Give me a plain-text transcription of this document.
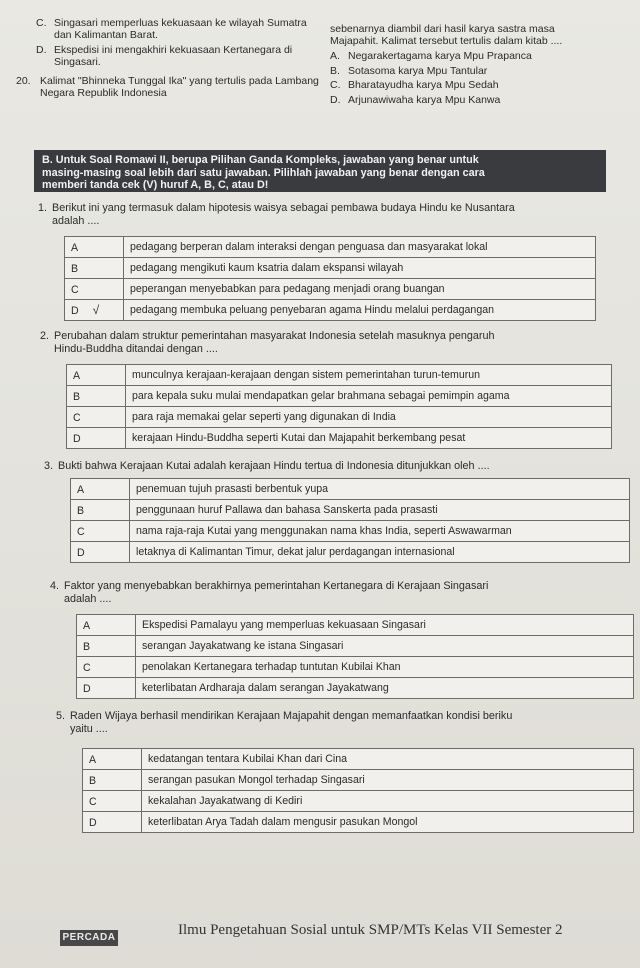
C. Singasari memperluas kekuasaan ke wilayah Sumatra dan Kalimantan Barat.
D. Ekspedisi ini mengakhiri kekuasaan Kertanegara di Singasari.
20. Kalimat "Bhinneka Tunggal Ika" yang tertulis pada Lambang Negara Republik Indonesia
sebenarnya diambil dari hasil karya sastra masa Majapahit. Kalimat tersebut tertulis dalam kitab ....
A. Negarakertagama karya Mpu Prapanca
B. Sotasoma karya Mpu Tantular
C. Bharatayudha karya Mpu Sedah
D. Arjunawiwaha karya Mpu Kanwa
B. Untuk Soal Romawi II, berupa Pilihan Ganda Kompleks, jawaban yang benar untuk
masing-masing soal lebih dari satu jawaban. Pilihlah jawaban yang benar dengan cara
memberi tanda cek (V) huruf A, B, C, atau D!
1. Berikut ini yang termasuk dalam hipotesis waisya sebagai pembawa budaya Hindu ke Nusantara
adalah ....
A	pedagang berperan dalam interaksi dengan penguasa dan masyarakat lokal
B	pedagang mengikuti kaum ksatria dalam ekspansi wilayah
C	peperangan menyebabkan para pedagang menjadi orang buangan
D √	pedagang membuka peluang penyebaran agama Hindu melalui perdagangan
2. Perubahan dalam struktur pemerintahan masyarakat Indonesia setelah masuknya pengaruh
Hindu-Buddha ditandai dengan ....
A	munculnya kerajaan-kerajaan dengan sistem pemerintahan turun-temurun
B	para kepala suku mulai mendapatkan gelar brahmana sebagai pemimpin agama
C	para raja memakai gelar seperti yang digunakan di India
D	kerajaan Hindu-Buddha seperti Kutai dan Majapahit berkembang pesat
3. Bukti bahwa Kerajaan Kutai adalah kerajaan Hindu tertua di Indonesia ditunjukkan oleh ....
A	penemuan tujuh prasasti berbentuk yupa
B	penggunaan huruf Pallawa dan bahasa Sanskerta pada prasasti
C	nama raja-raja Kutai yang menggunakan nama khas India, seperti Aswawarman
D	letaknya di Kalimantan Timur, dekat jalur perdagangan internasional
4. Faktor yang menyebabkan berakhirnya pemerintahan Kertanegara di Kerajaan Singasari
adalah ....
A	Ekspedisi Pamalayu yang memperluas kekuasaan Singasari
B	serangan Jayakatwang ke istana Singasari
C	penolakan Kertanegara terhadap tuntutan Kubilai Khan
D	keterlibatan Ardharaja dalam serangan Jayakatwang
5. Raden Wijaya berhasil mendirikan Kerajaan Majapahit dengan memanfaatkan kondisi beriku
yaitu ....
A	kedatangan tentara Kubilai Khan dari Cina
B	serangan pasukan Mongol terhadap Singasari
C	kekalahan Jayakatwang di Kediri
D	keterlibatan Arya Tadah dalam mengusir pasukan Mongol
Ilmu Pengetahuan Sosial untuk SMP/MTs Kelas VII Semester 2
PERCADA
